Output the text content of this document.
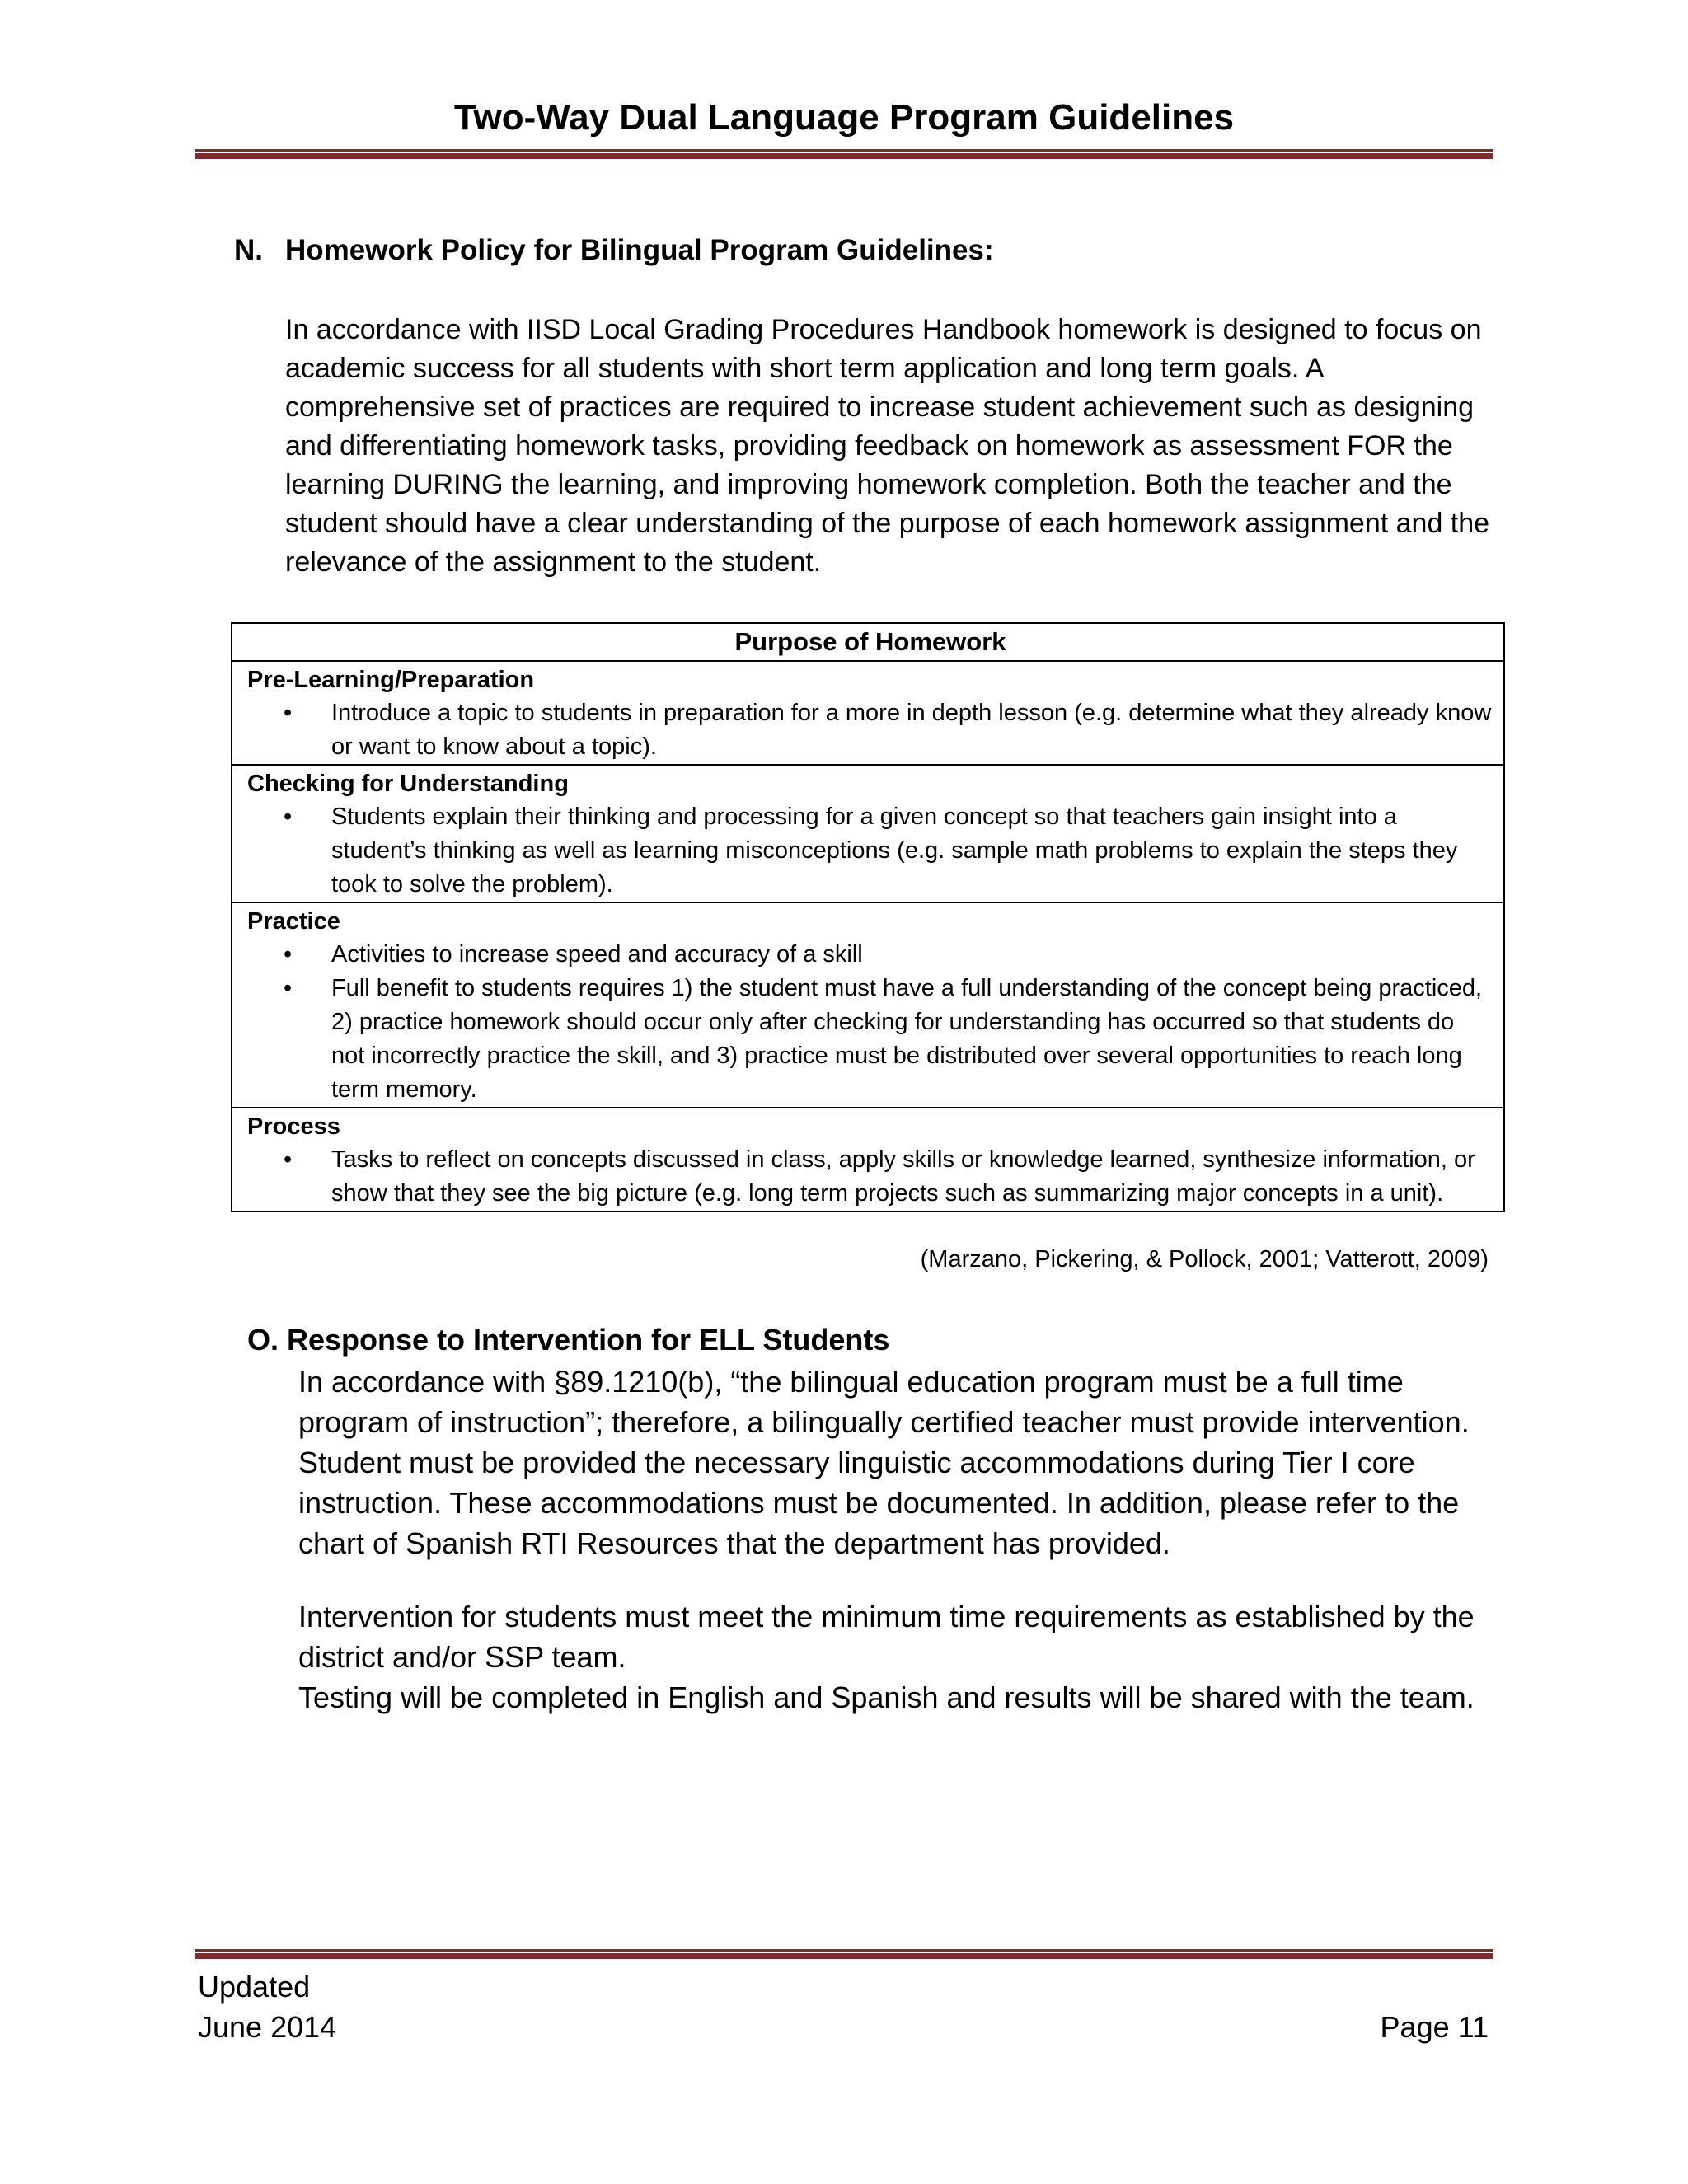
Two-Way Dual Language Program Guidelines
N. Homework Policy for Bilingual Program Guidelines:

In accordance with IISD Local Grading Procedures Handbook homework is designed to focus on academic success for all students with short term application and long term goals. A comprehensive set of practices are required to increase student achievement such as designing and differentiating homework tasks, providing feedback on homework as assessment FOR the learning DURING the learning, and improving homework completion. Both the teacher and the student should have a clear understanding of the purpose of each homework assignment and the relevance of the assignment to the student.

Purpose of Homework

Pre-Learning/Preparation
• Introduce a topic to students in preparation for a more in depth lesson (e.g. determine what they already know or want to know about a topic).

Checking for Understanding
• Students explain their thinking and processing for a given concept so that teachers gain insight into a student’s thinking as well as learning misconceptions (e.g. sample math problems to explain the steps they took to solve the problem).

Practice
• Activities to increase speed and accuracy of a skill
• Full benefit to students requires 1) the student must have a full understanding of the concept being practiced, 2) practice homework should occur only after checking for understanding has occurred so that students do not incorrectly practice the skill, and 3) practice must be distributed over several opportunities to reach long term memory.

Process
• Tasks to reflect on concepts discussed in class, apply skills or knowledge learned, synthesize information, or show that they see the big picture (e.g. long term projects such as summarizing major concepts in a unit).
(Marzano, Pickering, & Pollock, 2001; Vatterott, 2009)
O. Response to Intervention for ELL Students

In accordance with §89.1210(b), “the bilingual education program must be a full time program of instruction”; therefore, a bilingually certified teacher must provide intervention. Student must be provided the necessary linguistic accommodations during Tier I core instruction. These accommodations must be documented. In addition, please refer to the chart of Spanish RTI Resources that the department has provided.

Intervention for students must meet the minimum time requirements as established by the district and/or SSP team.

Testing will be completed in English and Spanish and results will be shared with the team.

Updated
June 2014	Page 11
